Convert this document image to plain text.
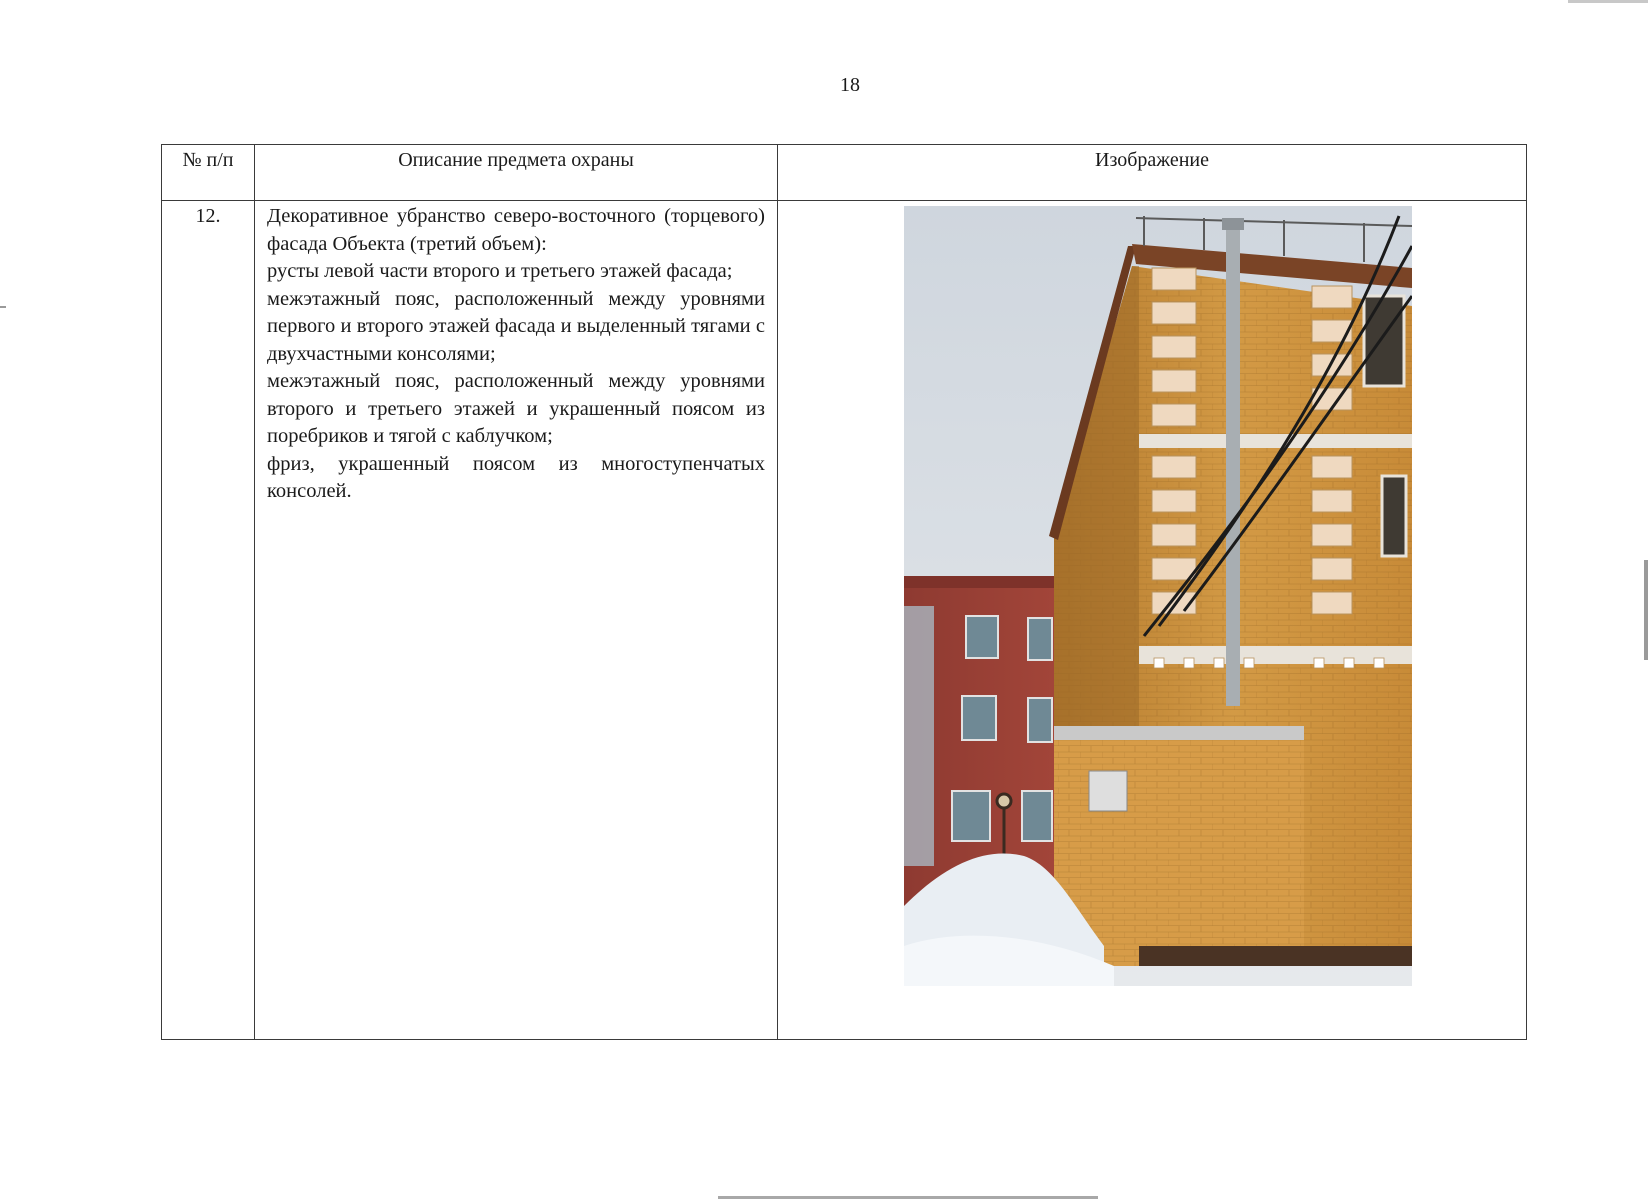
18
№ п/п	Описание предмета охраны	Изображение
12.	Декоративное убранство северо-восточного (торцевого) фасада Объекта (третий объем):

русты левой части второго и третьего этажей фасада;

межэтажный пояс, расположенный между уровнями первого и второго этажей фасада и выделенный тягами с двухчастными консолями;

межэтажный пояс, расположенный между уровнями второго и третьего этажей и украшенный поясом из поребриков и тягой с каблучком;

фриз, украшенный поясом из многоступенчатых консолей.
